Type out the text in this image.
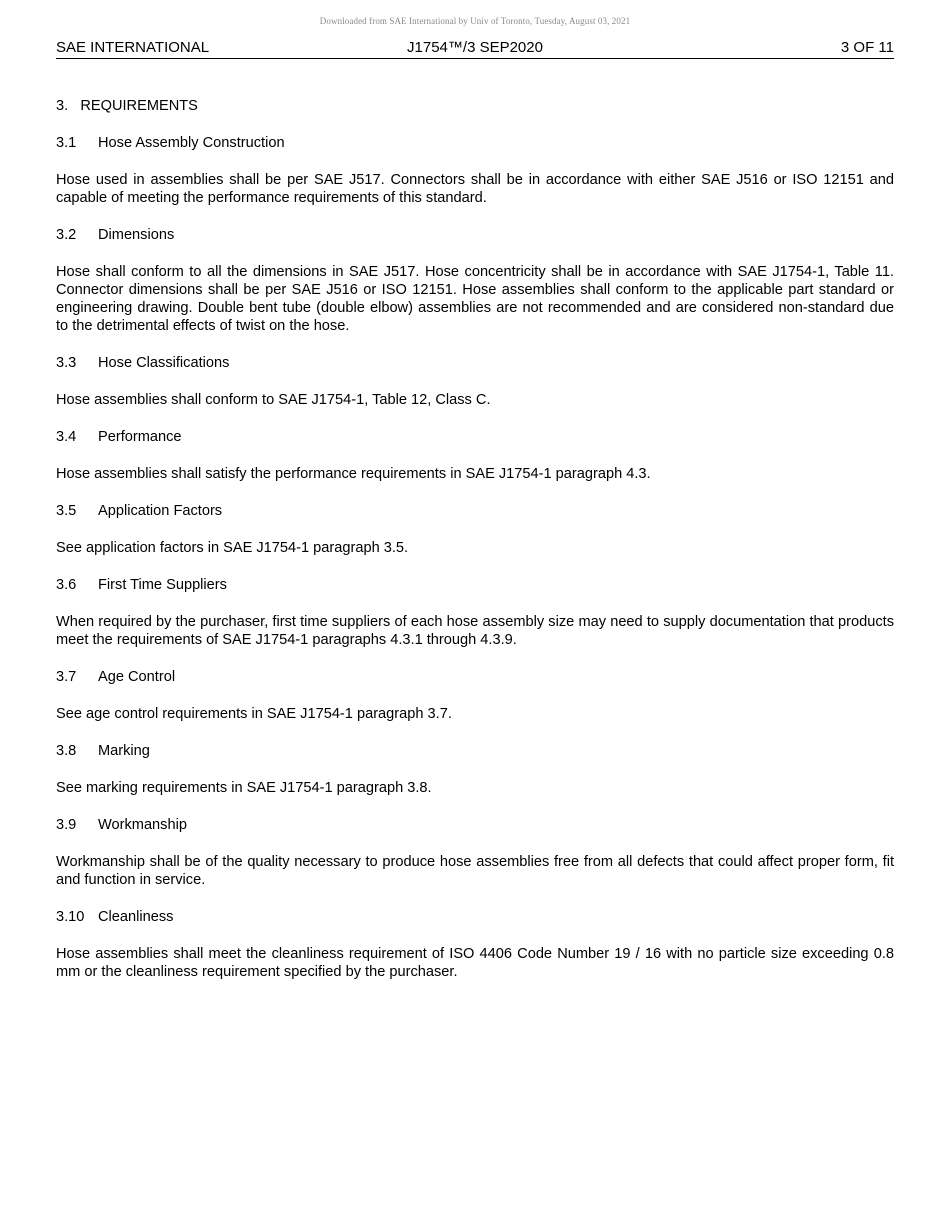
Downloaded from SAE International by Univ of Toronto, Tuesday, August 03, 2021
SAE INTERNATIONAL	J1754™/3 SEP2020	3 OF 11
3. REQUIREMENTS
3.1	Hose Assembly Construction
Hose used in assemblies shall be per SAE J517. Connectors shall be in accordance with either SAE J516 or ISO 12151 and capable of meeting the performance requirements of this standard.
3.2	Dimensions
Hose shall conform to all the dimensions in SAE J517. Hose concentricity shall be in accordance with SAE J1754-1, Table 11. Connector dimensions shall be per SAE J516 or ISO 12151. Hose assemblies shall conform to the applicable part standard or engineering drawing. Double bent tube (double elbow) assemblies are not recommended and are considered non-standard due to the detrimental effects of twist on the hose.
3.3	Hose Classifications
Hose assemblies shall conform to SAE J1754-1, Table 12, Class C.
3.4	Performance
Hose assemblies shall satisfy the performance requirements in SAE J1754-1 paragraph 4.3.
3.5	Application Factors
See application factors in SAE J1754-1 paragraph 3.5.
3.6	First Time Suppliers
When required by the purchaser, first time suppliers of each hose assembly size may need to supply documentation that products meet the requirements of SAE J1754-1 paragraphs 4.3.1 through 4.3.9.
3.7	Age Control
See age control requirements in SAE J1754-1 paragraph 3.7.
3.8	Marking
See marking requirements in SAE J1754-1 paragraph 3.8.
3.9	Workmanship
Workmanship shall be of the quality necessary to produce hose assemblies free from all defects that could affect proper form, fit and function in service.
3.10 Cleanliness
Hose assemblies shall meet the cleanliness requirement of ISO 4406 Code Number 19 / 16 with no particle size exceeding 0.8 mm or the cleanliness requirement specified by the purchaser.
